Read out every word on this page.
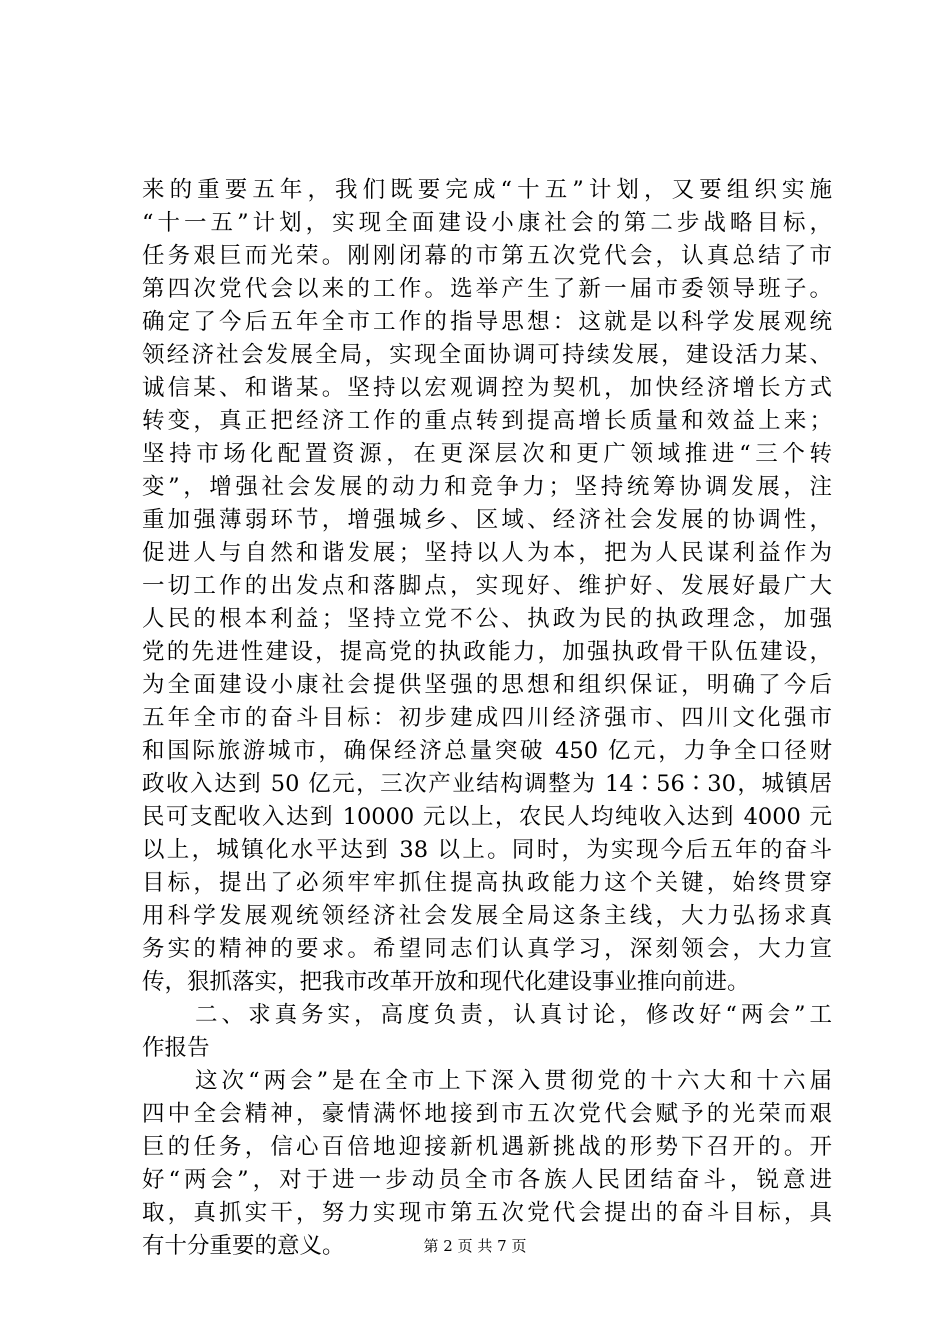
来的重要五年，我们既要完成“十五”计划，又要组织实施
“十一五”计划，实现全面建设小康社会的第二步战略目标，
任务艰巨而光荣。刚刚闭幕的市第五次党代会，认真总结了市
第四次党代会以来的工作。选举产生了新一届市委领导班子。
确定了今后五年全市工作的指导思想：这就是以科学发展观统
领经济社会发展全局，实现全面协调可持续发展，建设活力某、
诚信某、和谐某。坚持以宏观调控为契机，加快经济增长方式
转变，真正把经济工作的重点转到提高增长质量和效益上来；
坚持市场化配置资源，在更深层次和更广领域推进“三个转
变”，增强社会发展的动力和竞争力；坚持统筹协调发展，注
重加强薄弱环节，增强城乡、区域、经济社会发展的协调性，
促进人与自然和谐发展；坚持以人为本，把为人民谋利益作为
一切工作的出发点和落脚点，实现好、维护好、发展好最广大
人民的根本利益；坚持立党不公、执政为民的执政理念，加强
党的先进性建设，提高党的执政能力，加强执政骨干队伍建设，
为全面建设小康社会提供坚强的思想和组织保证，明确了今后
五年全市的奋斗目标：初步建成四川经济强市、四川文化强市
和国际旅游城市，确保经济总量突破 450 亿元，力争全口径财
政收入达到 50 亿元，三次产业结构调整为 14∶56∶30，城镇居
民可支配收入达到 10000 元以上，农民人均纯收入达到 4000 元
以上，城镇化水平达到 38 以上。同时，为实现今后五年的奋斗
目标，提出了必须牢牢抓住提高执政能力这个关键，始终贯穿
用科学发展观统领经济社会发展全局这条主线，大力弘扬求真
务实的精神的要求。希望同志们认真学习，深刻领会，大力宣
传，狠抓落实，把我市改革开放和现代化建设事业推向前进。
　　二、求真务实，高度负责，认真讨论，修改好“两会”工
作报告
　　这次“两会”是在全市上下深入贯彻党的十六大和十六届
四中全会精神，豪情满怀地接到市五次党代会赋予的光荣而艰
巨的任务，信心百倍地迎接新机遇新挑战的形势下召开的。开
好“两会”，对于进一步动员全市各族人民团结奋斗，锐意进
取，真抓实干，努力实现市第五次党代会提出的奋斗目标，具
有十分重要的意义。	第 2 页 共 7 页
